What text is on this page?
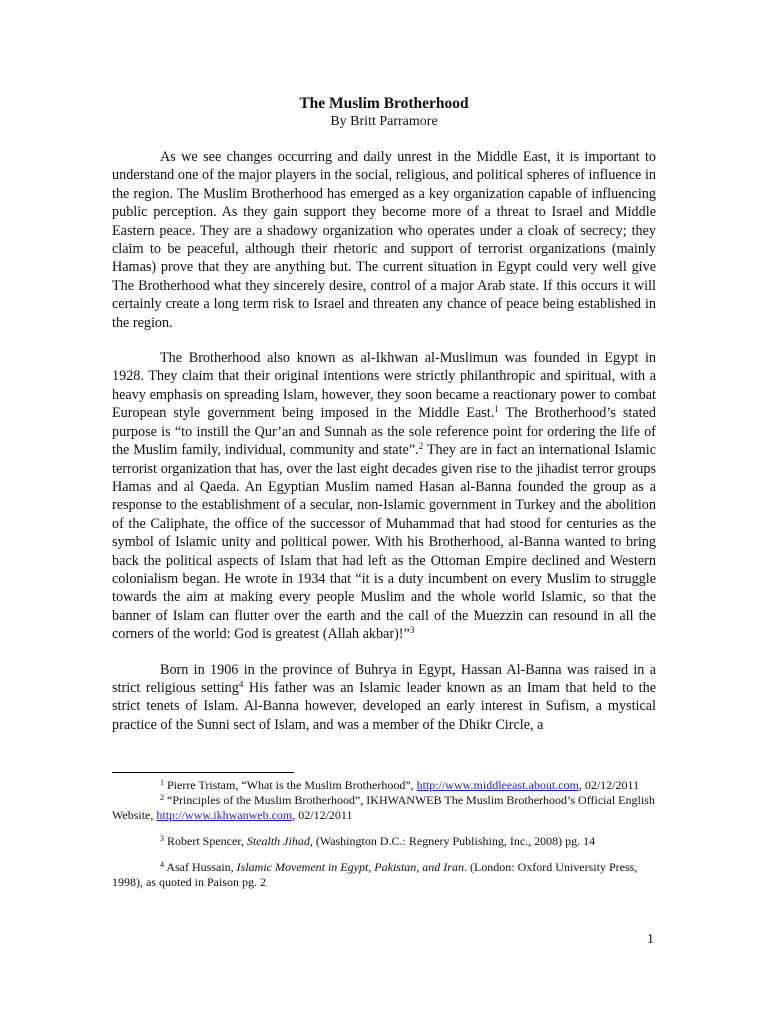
The Muslim Brotherhood

By Britt Parramore

As we see changes occurring and daily unrest in the Middle East, it is important to understand one of the major players in the social, religious, and political spheres of influence in the region. The Muslim Brotherhood has emerged as a key organization capable of influencing public perception. As they gain support they become more of a threat to Israel and Middle Eastern peace. They are a shadowy organization who operates under a cloak of secrecy; they claim to be peaceful, although their rhetoric and support of terrorist organizations (mainly Hamas) prove that they are anything but. The current situation in Egypt could very well give The Brotherhood what they sincerely desire, control of a major Arab state. If this occurs it will certainly create a long term risk to Israel and threaten any chance of peace being established in the region.

The Brotherhood also known as al-Ikhwan al-Muslimun was founded in Egypt in 1928. They claim that their original intentions were strictly philanthropic and spiritual, with a heavy emphasis on spreading Islam, however, they soon became a reactionary power to combat European style government being imposed in the Middle East.$^1$ The Brotherhood’s stated purpose is “to instill the Qur’an and Sunnah as the sole reference point for ordering the life of the Muslim family, individual, community and state”.$^2$ They are in fact an international Islamic terrorist organization that has, over the last eight decades given rise to the jihadist terror groups Hamas and al Qaeda. An Egyptian Muslim named Hasan al-Banna founded the group as a response to the establishment of a secular, non-Islamic government in Turkey and the abolition of the Caliphate, the office of the successor of Muhammad that had stood for centuries as the symbol of Islamic unity and political power. With his Brotherhood, al-Banna wanted to bring back the political aspects of Islam that had left as the Ottoman Empire declined and Western colonialism began. He wrote in 1934 that “it is a duty incumbent on every Muslim to struggle towards the aim at making every people Muslim and the whole world Islamic, so that the banner of Islam can flutter over the earth and the call of the Muezzin can resound in all the corners of the world: God is greatest (Allah akbar)!”$^3$

Born in 1906 in the province of Buhrya in Egypt, Hassan Al-Banna was raised in a strict religious setting$^4$ His father was an Islamic leader known as an Imam that held to the strict tenets of Islam. Al-Banna however, developed an early interest in Sufism, a mystical practice of the Sunni sect of Islam, and was a member of the Dhikr Circle, a

$^1$ Pierre Tristam, “What is the Muslim Brotherhood”, http://www.middleeast.about.com, 02/12/2011

$^2$ “Principles of the Muslim Brotherhood”, IKHWANWEB The Muslim Brotherhood’s Official English Website, http://www.ikhwanweb.com, 02/12/2011

$^3$ Robert Spencer, Stealth Jihad, (Washington D.C.: Regnery Publishing, Inc., 2008) pg. 14

$^4$ Asaf Hussain, Islamic Movement in Egypt, Pakistan, and Iran. (London: Oxford University Press, 1998), as quoted in Paison pg. 2

1
